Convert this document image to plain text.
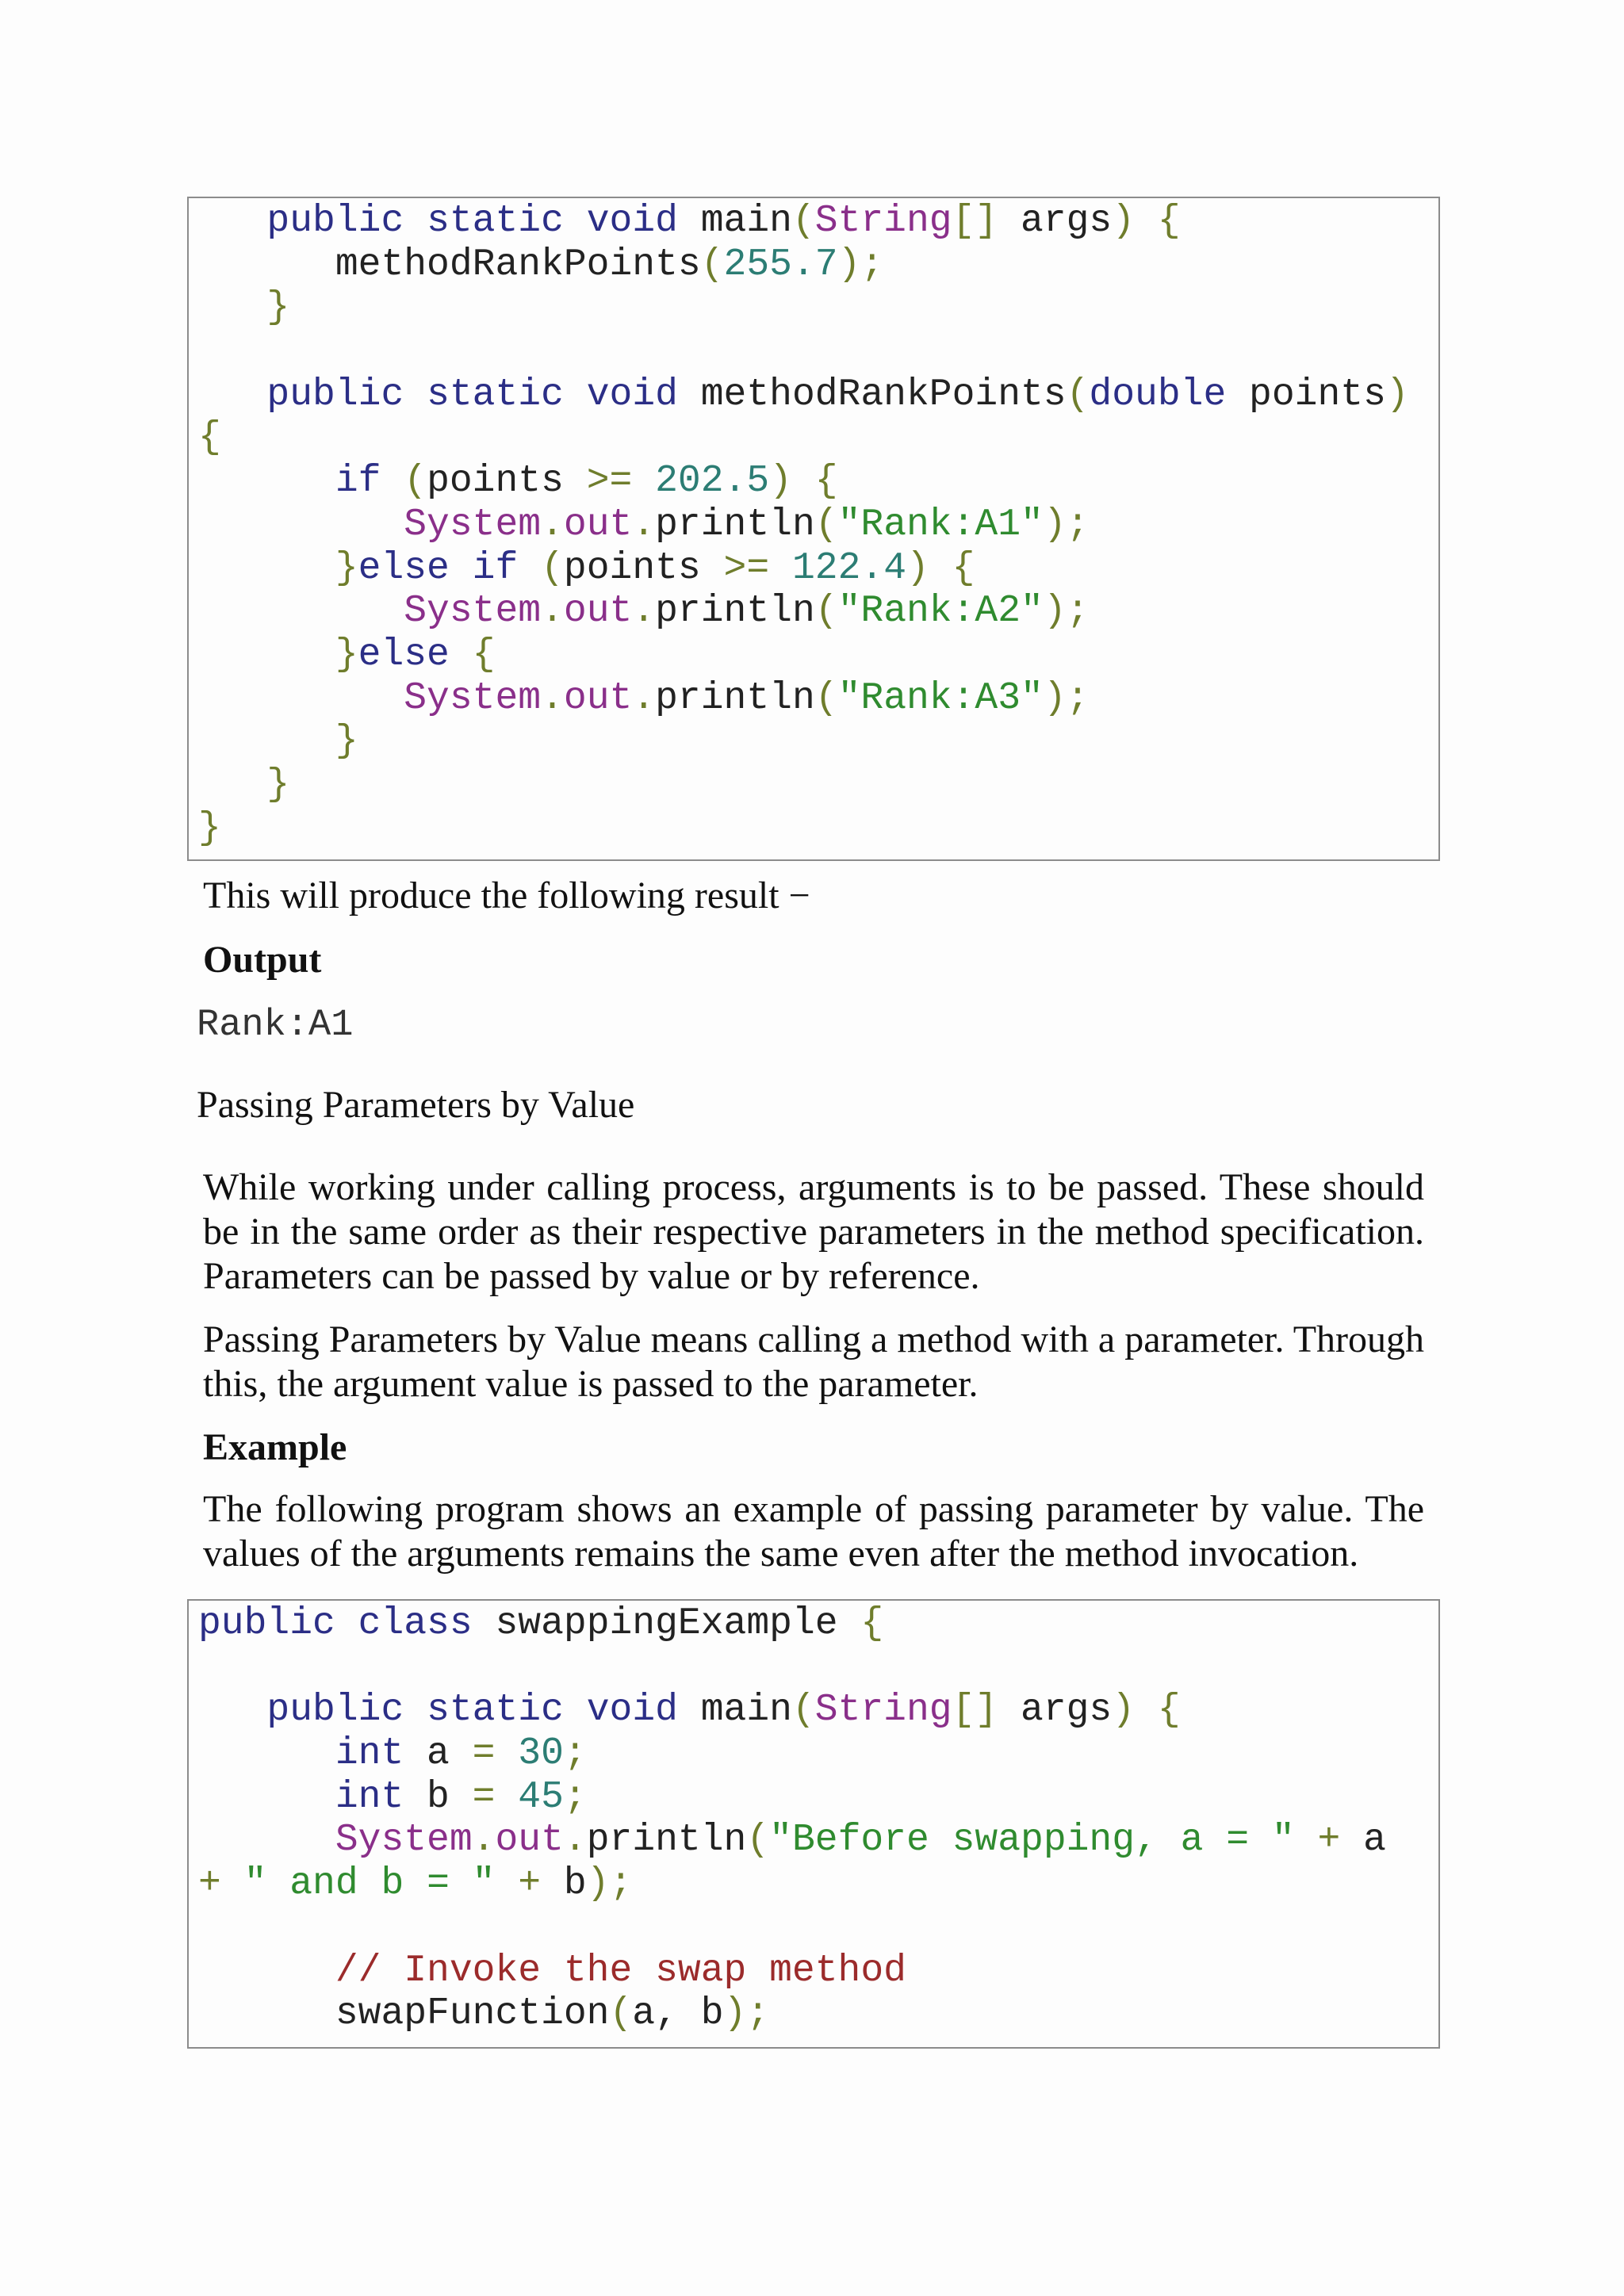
public static void main(String[] args) {
methodRankPoints(255.7);
}

public static void methodRankPoints(double points)
{
if (points >= 202.5) {
System.out.println("Rank:A1");
}else if (points >= 122.4) {
System.out.println("Rank:A2");
}else {
System.out.println("Rank:A3");
}
}
}
This will produce the following result −
Output
Rank:A1
Passing Parameters by Value
While working under calling process, arguments is to be passed. These should be in the same order as their respective parameters in the method specification. Parameters can be passed by value or by reference.
Passing Parameters by Value means calling a method with a parameter. Through this, the argument value is passed to the parameter.
Example
The following program shows an example of passing parameter by value. The values of the arguments remains the same even after the method invocation.
public class swappingExample {

public static void main(String[] args) {
int a = 30;
int b = 45;
System.out.println("Before swapping, a = " + a
+ " and b = " + b);

// Invoke the swap method
swapFunction(a, b);
